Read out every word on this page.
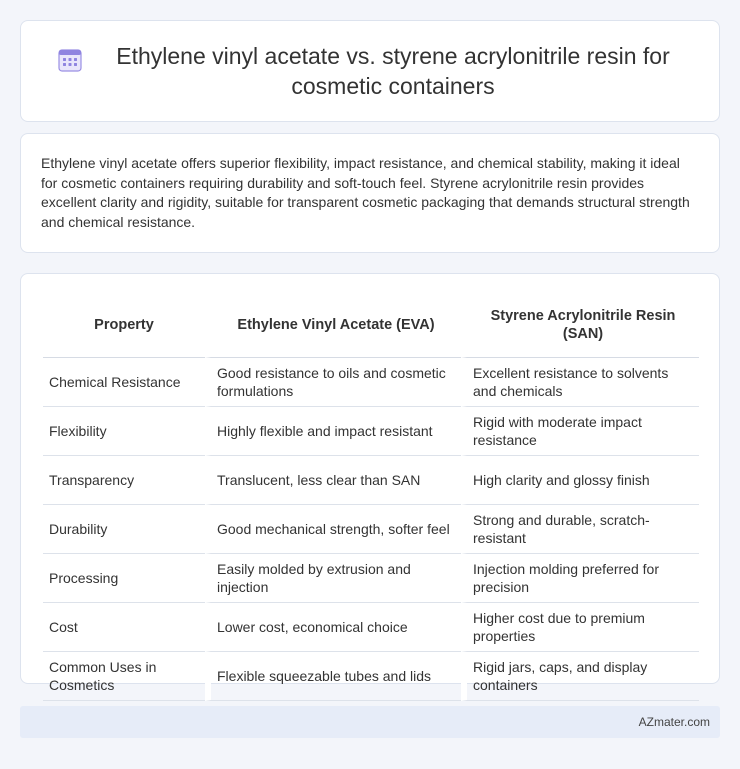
Ethylene vinyl acetate vs. styrene acrylonitrile resin for cosmetic containers

Ethylene vinyl acetate offers superior flexibility, impact resistance, and chemical stability, making it ideal for cosmetic containers requiring durability and soft-touch feel. Styrene acrylonitrile resin provides excellent clarity and rigidity, suitable for transparent cosmetic packaging that demands structural strength and chemical resistance.

Property	Ethylene Vinyl Acetate (EVA)	Styrene Acrylonitrile Resin (SAN)
Chemical Resistance	Good resistance to oils and cosmetic formulations	Excellent resistance to solvents and chemicals
Flexibility	Highly flexible and impact resistant	Rigid with moderate impact resistance
Transparency	Translucent, less clear than SAN	High clarity and glossy finish
Durability	Good mechanical strength, softer feel	Strong and durable, scratch-resistant
Processing	Easily molded by extrusion and injection	Injection molding preferred for precision
Cost	Lower cost, economical choice	Higher cost due to premium properties
Common Uses in Cosmetics	Flexible squeezable tubes and lids	Rigid jars, caps, and display containers
AZmater.com
